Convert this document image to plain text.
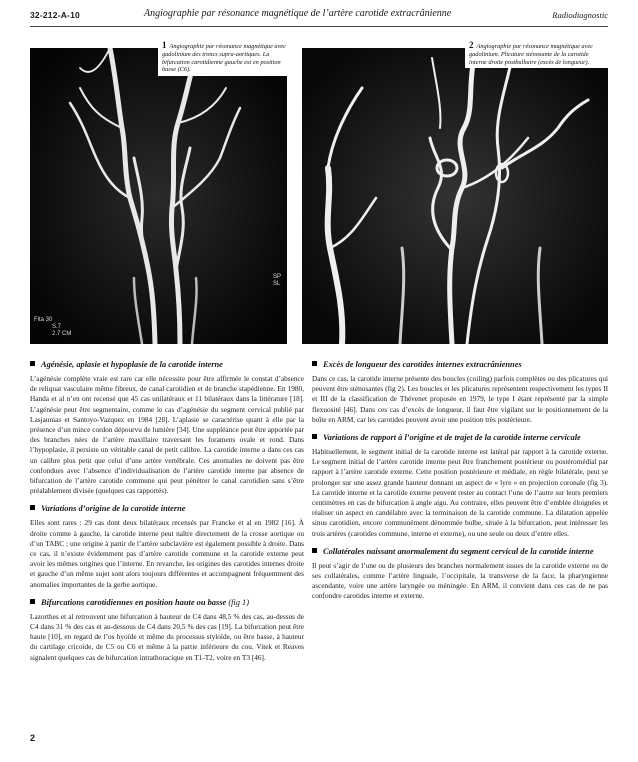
32-212-A-10	Angiographie par résonance magnétique de l’artère carotide extracrânienne	Radiodiagnostic
SP
SL
Fita 30
S.7
2.7 CM
1 Angiographie par résonance magnétique avec gadolinium des troncs supra-aortiques. La bifurcation carotidienne gauche est en position basse (C6).
2 Angiographie par résonance magnétique avec gadolinium. Plicature sténosante de la carotide interne droite postbulbaire (excès de longueur).
Agénésie, aplasie et hypoplasie de la carotide interne

L’agénésie complète vraie est rare car elle nécessite pour être affirmée le constat d’absence de reliquat vasculaire même fibreux, de canal carotidien et de branche stapédienne. En 1980, Handa et al n’en ont recensé que 45 cas unilatéraux et 11 bilatéraux dans la littérature [18]. L’agénésie peut être segmentaire, comme le cas d’agénésie du segment cervical publié par Lasjaunias et Santoyo-Vazquez en 1984 [28]. L’aplasie se caractérise quant à elle par la présence d’un mince cordon dépourvu de lumière [34]. Une suppléance peut être apportée par des branches nées de l’artère maxillaire traversant les foramens ovale et rond. Dans l’hypoplasie, il persiste un véritable canal de petit calibre. La carotide interne a dans ces cas un calibre plus petit que celui d’une artère vertébrale. Ces anomalies ne doivent pas être confondues avec l’absence d’individualisation de l’artère carotide interne par absence de bifurcation de l’artère carotide commune qui peut pénétrer le canal carotidien sans s’être préalablement divisée (quelques cas rapportés).

Variations d’origine de la carotide interne

Elles sont rares : 29 cas dont deux bilatéraux recensés par Francke et al en 1982 [16]. À droite comme à gauche, la carotide interne peut naître directement de la crosse aortique ou d’un TABC ; une origine à partir de l’artère subclavière est également possible à droite. Dans ce cas, il n’existe évidemment pas d’artère carotide commune et la carotide externe peut avoir les mêmes origines que l’interne. En revanche, les origines des carotides internes droite et gauche d’un même sujet sont alors toujours différentes et accompagnent fréquemment des anomalies importantes de la gerbe aortique.

Bifurcations carotidiennes en position haute ou basse (fig 1)

Lazorthes et al retrouvent une bifurcation à hauteur de C4 dans 48,5 % des cas, au-dessus de C4 dans 31 % des cas et au-dessous de C4 dans 20,5 % des cas [19]. La bifurcation peut être haute [10], en regard de l’os hyoïde et même du processus styloïde, ou être basse, à hauteur du cartilage cricoïde, de C5 ou C6 et même à la partie inférieure du cou. Vitek et Reaves signalent quelques cas de bifurcation intrathoracique en T1-T2, voire en T3 [46].

Excès de longueur des carotides internes extracrâniennes

Dans ce cas, la carotide interne présente des boucles (coiling) parfois complètes ou des plicatures qui peuvent être sténosantes (fig 2). Les boucles et les plicatures représentent respectivement les types II et III de la classification de Thévenet proposée en 1979, le type I étant représenté par la simple flexuosité [46]. Dans ces cas d’excès de longueur, il faut être vigilant sur le positionnement de la boîte en ARM, car les carotides peuvent avoir une position très postérieure.

Variations de rapport à l’origine et de trajet de la carotide interne cervicale

Habituellement, le segment initial de la carotide interne est latéral par rapport à la carotide externe. Le segment initial de l’artère carotide interne peut être franchement postérieur ou postéromédial par rapport à l’artère carotide externe. Cette position postérieure et médiale, en règle bilatérale, peut se prolonger sur une assez grande hauteur donnant un aspect de « lyre » en projection coronale (fig 3). La carotide interne et la carotide externe peuvent rester au contact l’une de l’autre sur leurs premiers centimètres en cas de bifurcation à angle aigu. Au contraire, elles peuvent être d’emblée éloignées et réaliser un aspect en candélabre avec la terminaison de la carotide commune. La dilatation appelée sinus carotidien, encore communément dénommée bulbe, située à la bifurcation, peut intéresser les trois artères (carotides commune, interne et externe), ou une seule ou deux d’entre elles.

Collatérales naissant anormalement du segment cervical de la carotide interne

Il peut s’agir de l’une ou de plusieurs des branches normalement issues de la carotide externe ou de ses collatérales, comme l’artère linguale, l’occipitale, la transverse de la face, la pharyngienne ascendante, voire une artère laryngée ou méningée. En ARM, il convient dans ces cas de ne pas confondre carotides interne et externe.

2
